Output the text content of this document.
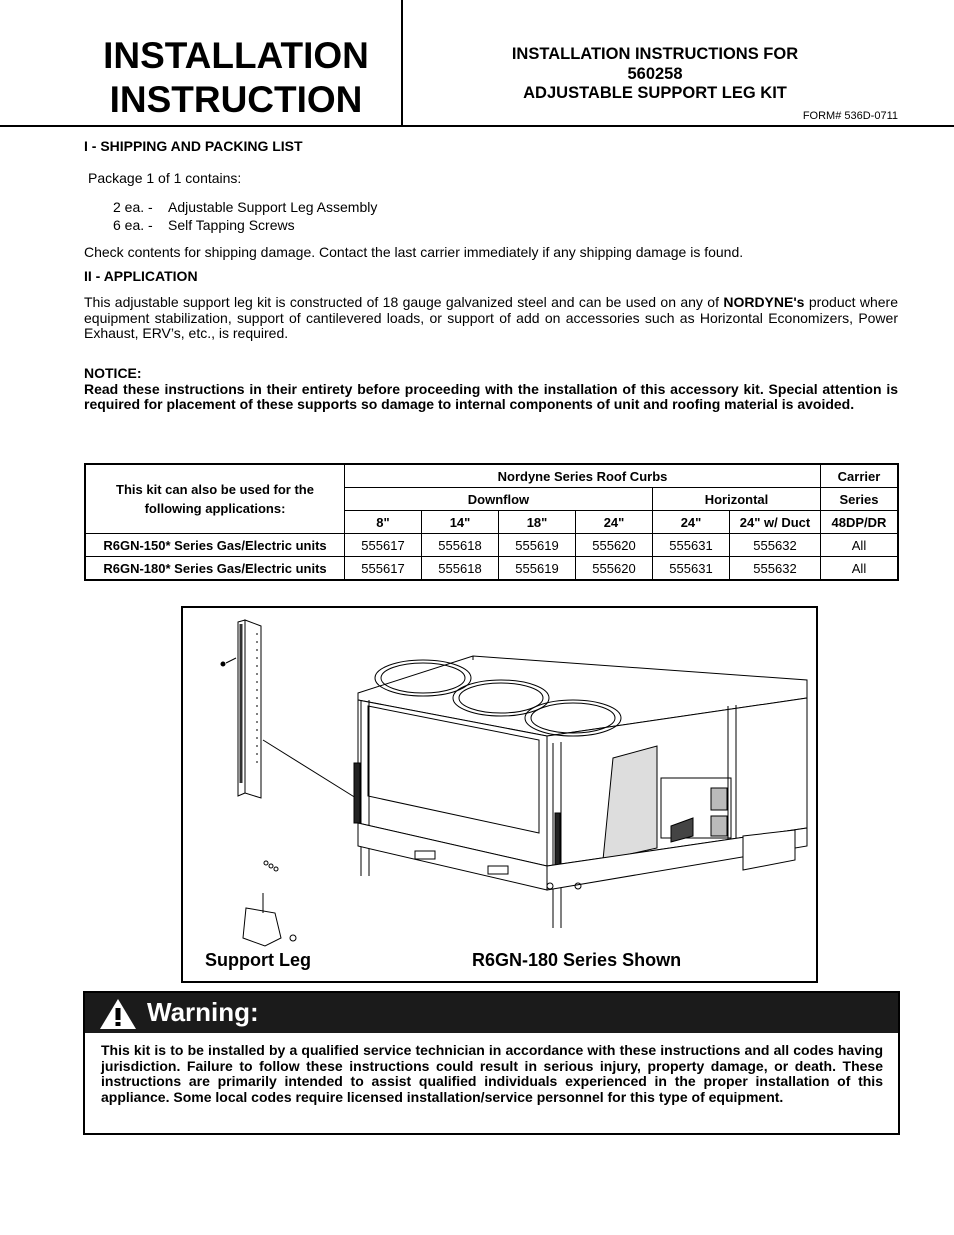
INSTALLATION
INSTRUCTION
INSTALLATION INSTRUCTIONS FOR
560258
ADJUSTABLE SUPPORT LEG KIT
FORM# 536D-0711
I - SHIPPING AND PACKING LIST
Package 1 of 1 contains:
2 ea. - Adjustable Support Leg Assembly
6 ea. - Self Tapping Screws
Check contents for shipping damage. Contact the last carrier immediately if any shipping damage is found.
II - APPLICATION
This adjustable support leg kit is constructed of 18 gauge galvanized steel and can be used on any of NORDYNE's product where equipment stabilization, support of cantilevered loads, or support of add on accessories such as Horizontal Economizers, Power Exhaust, ERV’s, etc., is required.
NOTICE:
Read these instructions in their entirety before proceeding with the installation of this accessory kit. Special attention is required for placement of these supports so damage to internal components of unit and roofing material is avoided.
This kit can also be used for the following applications:	Nordyne Series Roof Curbs						Carrier
	Downflow				Horizontal		Series
	8"	14"	18"	24"	24"	24" w/ Duct	48DP/DR
R6GN-150* Series Gas/Electric units	555617	555618	555619	555620	555631	555632	All
R6GN-180* Series Gas/Electric units	555617	555618	555619	555620	555631	555632	All
Support Leg	R6GN-180 Series Shown
Warning:
This kit is to be installed by a qualified service technician in accordance with these instructions and all codes having jurisdiction. Failure to follow these instructions could result in serious injury, property damage, or death. These instructions are primarily intended to assist qualified individuals experienced in the proper installation of this appliance. Some local codes require licensed installation/service personnel for this type of equipment.
